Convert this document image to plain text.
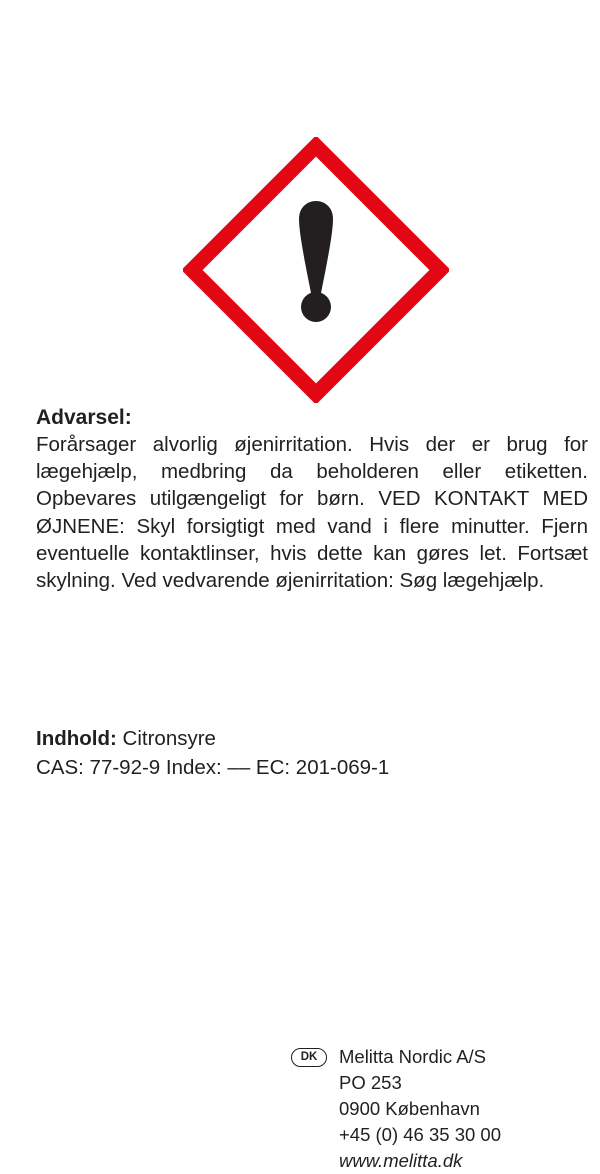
Advarsel:

Forårsager alvorlig øjenirritation. Hvis der er brug for lægehjælp, medbring da beholderen eller etiketten. Opbevares utilgængeligt for børn. VED KONTAKT MED ØJNENE: Skyl forsigtigt med vand i flere minutter. Fjern eventuelle kontaktlinser, hvis dette kan gøres let. Fortsæt skylning. Ved vedvarende øjenirritation: Søg lægehjælp.

Indhold: Citronsyre
CAS: 77-92-9 Index: –– EC: 201-069-1
DK	Melitta Nordic A/S
PO 253
0900 København
+45 (0) 46 35 30 00
www.melitta.dk
